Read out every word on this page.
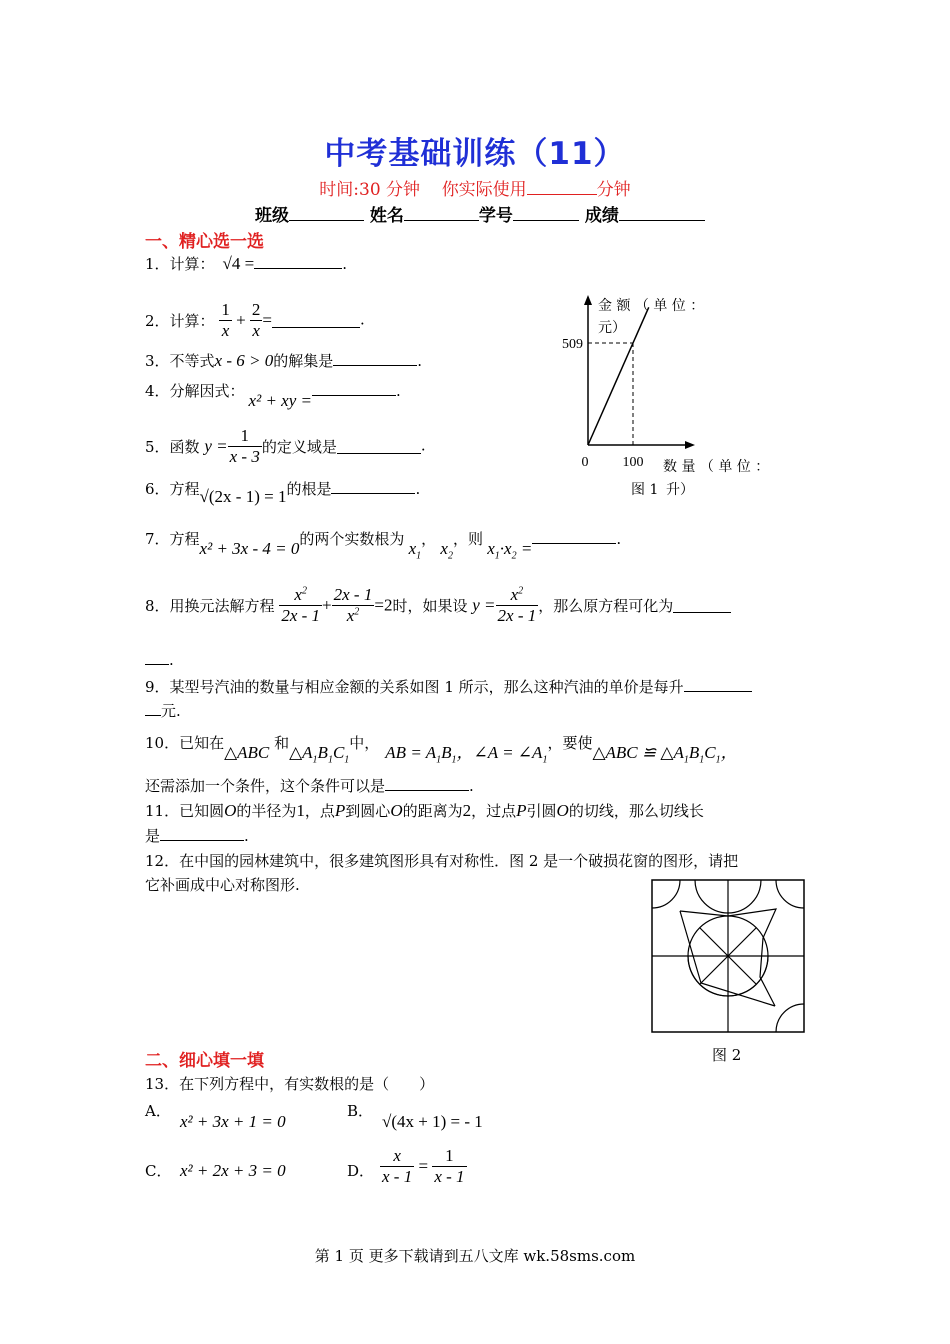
中考基础训练（11）
时间:30 分钟 你实际使用	分钟
班级	姓名	学号	成绩
一、精心选一选
1．计算： √4 =	.
2．计算： $\frac{1}{x} + \frac{2}{x}$ =	.
3．不等式x - 6 > 0的解集是	.
4．分解因式： x² + xy =	.
5．函数 $y = \frac{1}{x - 3}$ 的定义域是	.
6．方程√(2x - 1) = 1的根是	.
7．方程x² + 3x - 4 = 0的两个实数根为 $x_1$， $x_2$，则 $x_1\cdot x_2$ =	.
8．用换元法解方程 $\frac{x^2}{2x - 1} + \frac{2x - 1}{x^2} =2$时，如果设 $y = \frac{x^2}{2x - 1}$ ，那么原方程可化为
.
9．某型号汽油的数量与相应金额的关系如图 1 所示，那么这种汽油的单价是每升
元.
10．已知在△ABC 和$\triangle A_1B_1C_1$中， AB = $A_1B_1$，∠A = $\angle A_1$，要使△ABC ≌ $\triangle A_1B_1C_1$，
还需添加一个条件，这个条件可以是	.
11．已知圆O的半径为1，点P到圆心O的距离为2，过点P引圆O的切线，那么切线长
是	.
12．在中国的园林建筑中，很多建筑图形具有对称性．图 2 是一个破损花窗的图形，请把
它补画成中心对称图形.
509
100
0
金 额 （ 单 位 ：
元）
数 量 （ 单 位 ：
图 1 升）
图 2
二、细心填一填
13．在下列方程中，有实数根的是（　　）
A．
x² + 3x + 1 = 0
B．
√(4x + 1) = - 1
C． x² + 2x + 3 = 0	D． $\frac{x}{x - 1} = \frac{1}{x - 1}$
第 1 页 更多下载请到五八文库 wk.58sms.com
